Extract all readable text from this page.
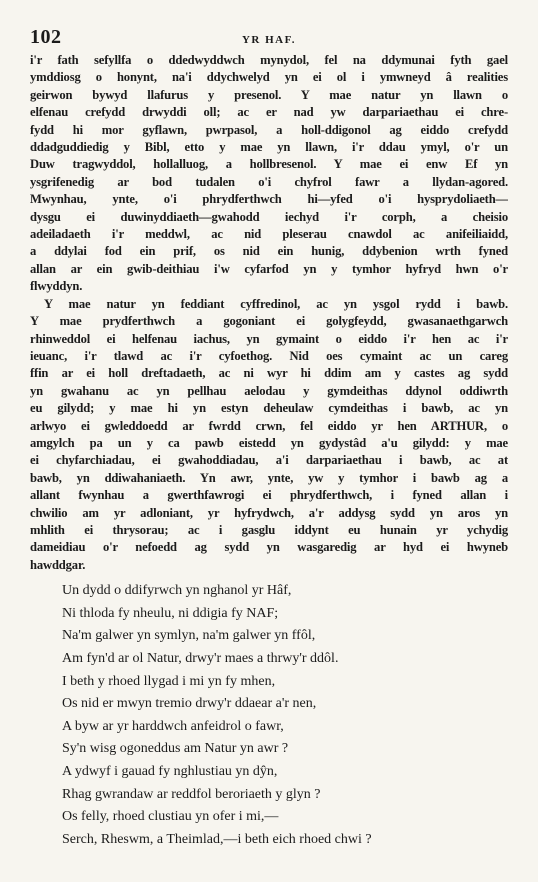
102	YR HAF.

i'r fath sefyllfa o ddedwyddwch mynydol, fel na ddymunai fyth gael

ymddiosg o honynt, na'i ddychwelyd yn ei ol i ymwneyd â realities

geirwon bywyd llafurus y presenol. Y mae natur yn llawn o

elfenau crefydd drwyddi oll; ac er nad yw darpariaethau ei chre-

fydd hi mor gyflawn, pwrpasol, a holl-ddigonol ag eiddo crefydd

ddadguddiedig y Bibl, etto y mae yn llawn, i'r ddau ymyl, o'r un

Duw tragwyddol, hollalluog, a hollbresenol. Y mae ei enw Ef yn

ysgrifenedig ar bod tudalen o'i chyfrol fawr a llydan-agored.

Mwynhau, ynte, o'i phrydferthwch hi—yfed o'i hysprydoliaeth—

dysgu ei duwinyddiaeth—gwahodd iechyd i'r corph, a cheisio

adeiladaeth i'r meddwl, ac nid pleserau cnawdol ac anifeiliaidd,

a ddylai fod ein prif, os nid ein hunig, ddybenion wrth fyned

allan ar ein gwib-deithiau i'w cyfarfod yn y tymhor hyfryd hwn o'r

flwyddyn.

Y mae natur yn feddiant cyffredinol, ac yn ysgol rydd i bawb.

Y mae prydferthwch a gogoniant ei golygfeydd, gwasanaethgarwch

rhinweddol ei helfenau iachus, yn gymaint o eiddo i'r hen ac i'r

ieuanc, i'r tlawd ac i'r cyfoethog. Nid oes cymaint ac un careg

ffin ar ei holl dreftadaeth, ac ni wyr hi ddim am y castes ag sydd

yn gwahanu ac yn pellhau aelodau y gymdeithas ddynol oddiwrth

eu gilydd; y mae hi yn estyn deheulaw cymdeithas i bawb, ac yn

arlwyo ei gwleddoedd ar fwrdd crwn, fel eiddo yr hen ARTHUR, o

amgylch pa un y ca pawb eistedd yn gydystâd a'u gilydd: y mae

ei chyfarchiadau, ei gwahoddiadau, a'i darpariaethau i bawb, ac at

bawb, yn ddiwahaniaeth. Yn awr, ynte, yw y tymhor i bawb ag a

allant fwynhau a gwerthfawrogi ei phrydferthwch, i fyned allan i

chwilio am yr adloniant, yr hyfrydwch, a'r addysg sydd yn aros yn

mhlith ei thrysorau; ac i gasglu iddynt eu hunain yr ychydig

dameidiau o'r nefoedd ag sydd yn wasgaredig ar hyd ei hwyneb

hawddgar.

Un dydd o ddifyrwch yn nghanol yr Hâf,
Ni thloda fy nheulu, ni ddigia fy NAF;
Na'm galwer yn symlyn, na'm galwer yn ffôl,
Am fyn'd ar ol Natur, drwy'r maes a thrwy'r ddôl.
I beth y rhoed llygad i mi yn fy mhen,
Os nid er mwyn tremio drwy'r ddaear a'r nen,
A byw ar yr harddwch anfeidrol o fawr,
Sy'n wisg ogoneddus am Natur yn awr ?
A ydwyf i gauad fy nghlustiau yn dŷn,
Rhag gwrandaw ar reddfol beroriaeth y glyn ?
Os felly, rhoed clustiau yn ofer i mi,—
Serch, Rheswm, a Theimlad,—i beth eich rhoed chwi ?
